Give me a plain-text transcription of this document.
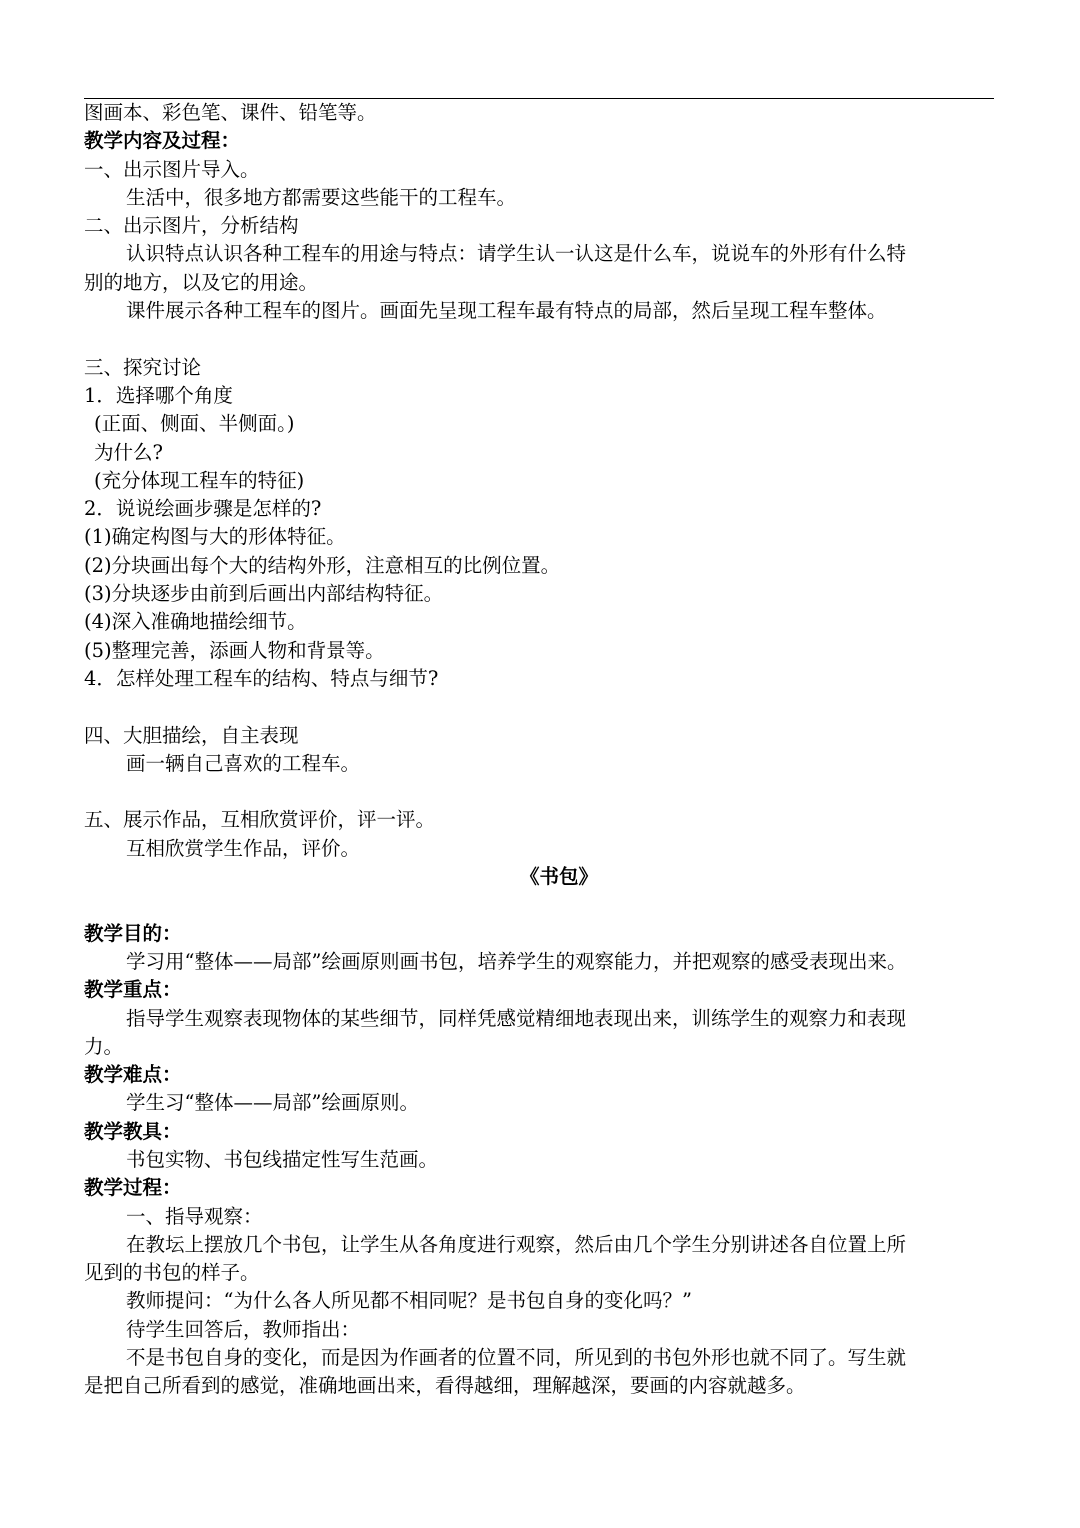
图画本、彩色笔、课件、铅笔等。
教学内容及过程：
一、出示图片导入。
生活中，很多地方都需要这些能干的工程车。
二、出示图片，分析结构
认识特点认识各种工程车的用途与特点：请学生认一认这是什么车，说说车的外形有什么特
别的地方，以及它的用途。
课件展示各种工程车的图片。画面先呈现工程车最有特点的局部，然后呈现工程车整体。
三、探究讨论
1．选择哪个角度
(正面、侧面、半侧面。)
为什么?
(充分体现工程车的特征)
2．说说绘画步骤是怎样的?
(1)确定构图与大的形体特征。
(2)分块画出每个大的结构外形，注意相互的比例位置。
(3)分块逐步由前到后画出内部结构特征。
(4)深入准确地描绘细节。
(5)整理完善，添画人物和背景等。
4．怎样处理工程车的结构、特点与细节?
四、大胆描绘，自主表现
画一辆自己喜欢的工程车。
五、展示作品，互相欣赏评价，评一评。
互相欣赏学生作品，评价。
《书包》
教学目的：
学习用“整体——局部”绘画原则画书包，培养学生的观察能力，并把观察的感受表现出来。
教学重点：
指导学生观察表现物体的某些细节，同样凭感觉精细地表现出来，训练学生的观察力和表现
力。
教学难点：
学生习“整体——局部”绘画原则。
教学教具：
书包实物、书包线描定性写生范画。
教学过程：
一、指导观察：
在教坛上摆放几个书包，让学生从各角度进行观察，然后由几个学生分别讲述各自位置上所
见到的书包的样子。
教师提问：“为什么各人所见都不相同呢？是书包自身的变化吗？”
待学生回答后，教师指出：
不是书包自身的变化，而是因为作画者的位置不同，所见到的书包外形也就不同了。写生就
是把自己所看到的感觉，准确地画出来，看得越细，理解越深，要画的内容就越多。
